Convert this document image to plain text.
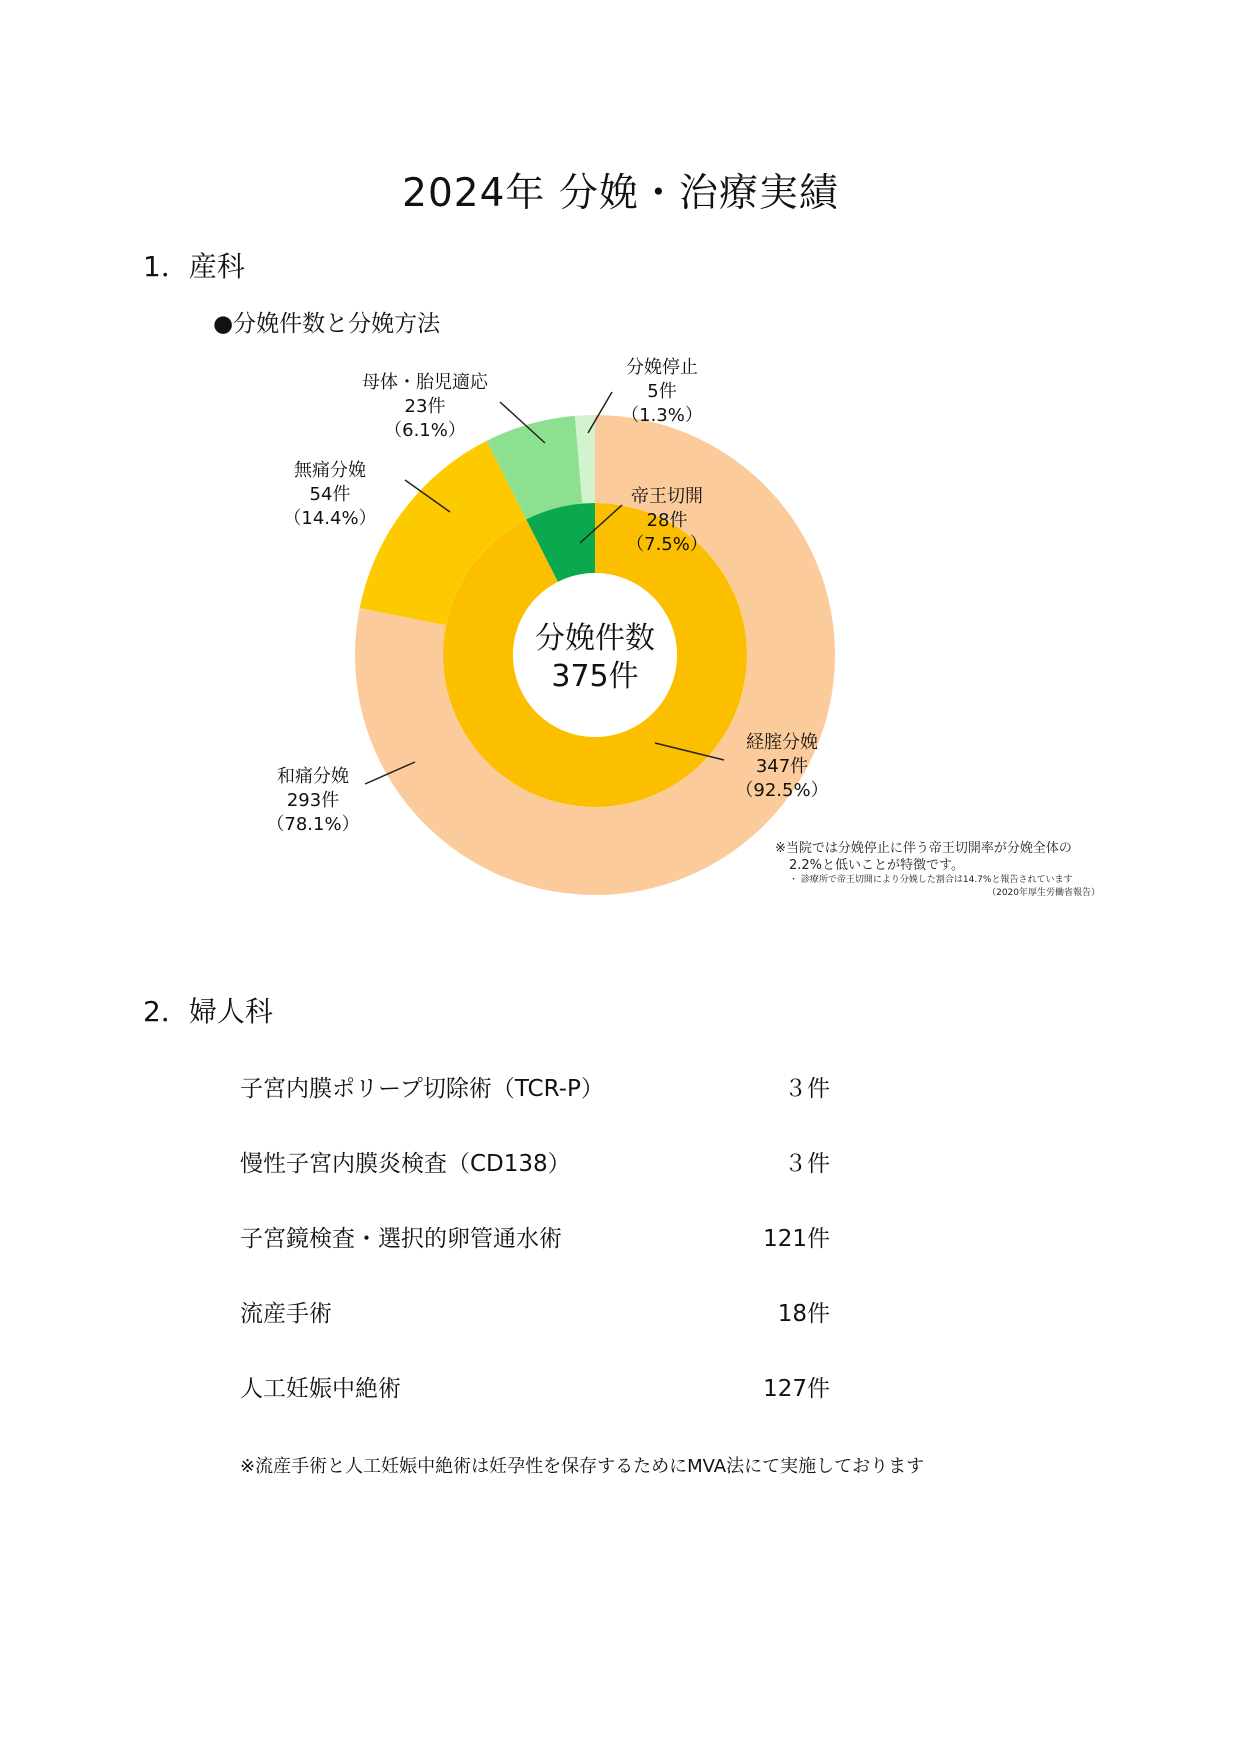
2024年 分娩・治療実績
1．産科
●分娩件数と分娩方法
分娩件数
375件
母体・胎児適応
23件
（6.1%）
分娩停止
5件
（1.3%）
無痛分娩
54件
（14.4%）
帝王切開
28件
（7.5%）
経腟分娩
347件
（92.5%）
和痛分娩
293件
（78.1%）
※当院では分娩停止に伴う帝王切開率が分娩全体の
2.2%と低いことが特徴です。
・ 診療所で帝王切開により分娩した割合は14.7%と報告されています
（2020年厚生労働省報告）
2．婦人科
子宮内膜ポリープ切除術（TCR-P）	３件
慢性子宮内膜炎検査（CD138）	３件
子宮鏡検査・選択的卵管通水術	121件
流産手術	18件
人工妊娠中絶術	127件

※流産手術と人工妊娠中絶術は妊孕性を保存するためにMVA法にて実施しております
